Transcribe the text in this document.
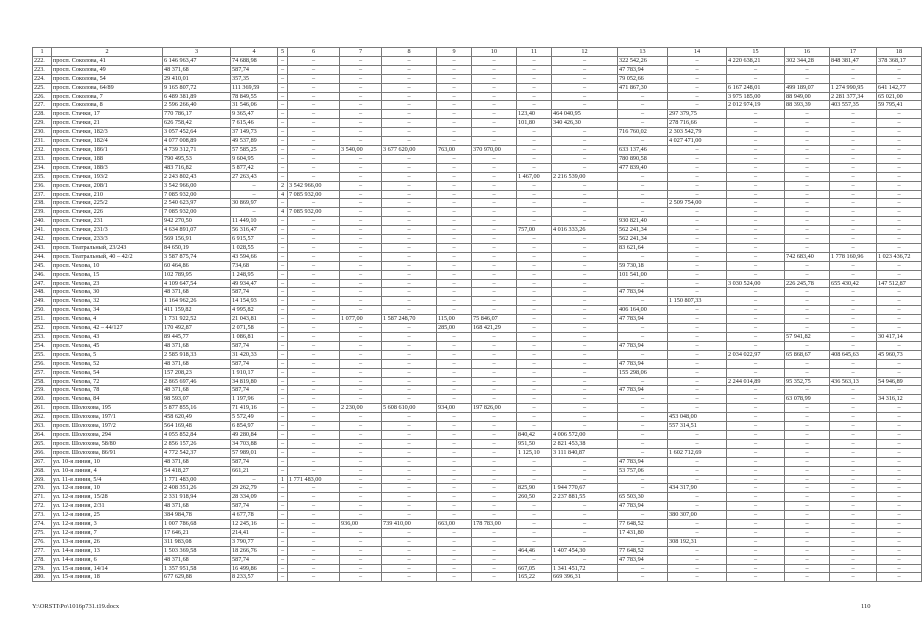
1	2	3	4	5	6	7	8	9	10	11	12	13	14	15	16	17	18
222.	просп. Соколова, 41	6 146 963,47	74 688,98	–	–	–	–	–	–	–	–	322 542,26	–	4 220 638,21	302 344,28	848 381,47	378 368,17
223.	просп. Соколова, 49	48 371,68	587,74	–	–	–	–	–	–	–	–	47 783,94	–	–	–	–	–
224.	просп. Соколова, 54	29 410,01	357,35	–	–	–	–	–	–	–	–	79 052,66	–	–	–	–	–
225.	просп. Соколова, 64/89	9 165 807,72	111 369,59	–	–	–	–	–	–	–	–	471 867,30	–	6 167 248,01	499 189,07	1 274 990,95	641 142,77
226.	просп. Соколова, 7	6 489 381,89	78 849,55	–	–	–	–	–	–	–	–	–	–	3 975 185,00	88 949,00	2 281 377,34	65 021,00
227.	просп. Соколова, 8	2 596 266,40	31 546,06	–	–	–	–	–	–	–	–	–	–	2 012 974,19	88 393,39	403 557,35	59 795,41
228.	просп. Стачки, 17	770 786,17	9 365,47	–	–	–	–	–	–	123,40	464 040,95	–	297 379,75	–	–	–	–
229.	просп. Стачки, 21	626 758,42	7 615,46	–	–	–	–	–	–	101,80	340 426,30	–	278 716,66	–	–	–	–
230.	просп. Стачки, 182/3	3 057 452,64	37 149,73	–	–	–	–	–	–	–	–	716 760,02	2 303 542,79	–	–	–	–
231.	просп. Стачки, 182/4	4 077 008,89	49 537,89	–	–	–	–	–	–	–	–	–	4 027 471,00	–	–	–	–
232.	просп. Стачки, 186/1	4 739 312,71	57 585,25	–	–	3 540,00	3 677 620,00	763,00	370 970,00	–	–	633 137,46	–	–	–	–	–
233.	просп. Стачки, 188	790 495,53	9 604,95	–	–	–	–	–	–	–	–	780 890,58	–	–	–	–	–
234.	просп. Стачки, 188/3	483 716,82	5 877,42	–	–	–	–	–	–	–	–	477 839,40	–	–	–	–	–
235.	просп. Стачки, 193/2	2 243 802,43	27 263,43	–	–	–	–	–	–	1 467,00	2 216 539,00	–	–	–	–	–	–
236.	просп. Стачки, 208/1	3 542 966,00	–	2	3 542 966,00	–	–	–	–	–	–	–	–	–	–	–	–
237.	просп. Стачки, 210	7 085 932,00	–	4	7 085 932,00	–	–	–	–	–	–	–	–	–	–	–	–
238.	просп. Стачки, 225/2	2 540 623,97	30 869,97	–	–	–	–	–	–	–	–	–	2 509 754,00	–	–	–	–
239.	просп. Стачки, 226	7 085 932,00	–	4	7 085 932,00	–	–	–	–	–	–	–	–	–	–	–	–
240.	просп. Стачки, 231	942 270,50	11 449,10	–	–	–	–	–	–	–	–	930 821,40	–	–	–	–	–
241.	просп. Стачки, 231/3	4 634 891,07	56 316,47	–	–	–	–	–	–	757,00	4 016 333,26	562 241,34	–	–	–	–	–
242.	просп. Стачки, 233/3	569 156,91	6 915,57	–	–	–	–	–	–	–	–	562 241,34	–	–	–	–	–
243.	просп. Театральный, 23/243	84 650,19	1 028,55	–	–	–	–	–	–	–	–	83 621,64	–	–	–	–	–
244.	просп. Театральный, 40 – 42/2	3 587 875,74	43 594,66	–	–	–	–	–	–	–	–	–	–	–	742 683,40	1 778 160,96	1 023 436,72
245.	просп. Чехова, 10	60 464,86	734,68	–	–	–	–	–	–	–	–	59 730,18	–	–	–	–	–
246.	просп. Чехова, 15	102 789,95	1 248,95	–	–	–	–	–	–	–	–	101 541,00	–	–	–	–	–
247.	просп. Чехова, 23	4 109 647,54	49 934,47	–	–	–	–	–	–	–	–	–	–	3 030 524,00	226 245,78	655 430,42	147 512,87
248.	просп. Чехова, 30	48 371,68	587,74	–	–	–	–	–	–	–	–	47 783,94	–	–	–	–	–
249.	просп. Чехова, 32	1 164 962,26	14 154,93	–	–	–	–	–	–	–	–	–	1 150 807,33	–	–	–	–
250.	просп. Чехова, 34	411 159,82	4 995,82	–	–	–	–	–	–	–	–	406 164,00	–	–	–	–	–
251.	просп. Чехова, 4	1 731 922,52	21 043,81	–	–	1 077,00	1 587 248,70	115,00	75 846,07	–	–	47 783,94	–	–	–	–	–
252.	просп. Чехова, 42 – 44/127	170 492,87	2 071,58	–	–	–	–	285,00	168 421,29	–	–	–	–	–	–	–	–
253.	просп. Чехова, 43	89 445,77	1 086,81	–	–	–	–	–	–	–	–	–	–	–	57 941,82	–	30 417,14
254.	просп. Чехова, 45	48 371,68	587,74	–	–	–	–	–	–	–	–	47 783,94	–	–	–	–	–
255.	просп. Чехова, 5	2 585 918,33	31 420,33	–	–	–	–	–	–	–	–	–	–	2 034 022,97	65 868,67	408 645,63	45 960,73
256.	просп. Чехова, 52	48 371,68	587,74	–	–	–	–	–	–	–	–	47 783,94	–	–	–	–	–
257.	просп. Чехова, 54	157 208,23	1 910,17	–	–	–	–	–	–	–	–	155 298,06	–	–	–	–	–
258.	просп. Чехова, 72	2 865 697,46	34 819,80	–	–	–	–	–	–	–	–	–	–	2 244 014,89	95 352,75	436 563,13	54 946,89
259.	просп. Чехова, 78	48 371,68	587,74	–	–	–	–	–	–	–	–	47 783,94	–	–	–	–	–
260.	просп. Чехова, 84	98 593,07	1 197,96	–	–	–	–	–	–	–	–	–	–	–	63 078,99	–	34 316,12
261.	просп. Шолохова, 195	5 877 855,16	71 419,16	–	–	2 230,00	5 608 610,00	934,00	197 826,00	–	–	–	–	–	–	–	–
262.	просп. Шолохова, 197/1	458 620,49	5 572,49	–	–	–	–	–	–	–	–	–	453 048,00	–	–	–	–
263.	просп. Шолохова, 197/2	564 169,48	6 854,97	–	–	–	–	–	–	–	–	–	557 314,51	–	–	–	–
264.	просп. Шолохова, 294	4 055 852,84	49 280,84	–	–	–	–	–	–	840,42	4 006 572,00	–	–	–	–	–	–
265.	просп. Шолохова, 58/80	2 856 157,26	34 703,88	–	–	–	–	–	–	951,50	2 821 453,38	–	–	–	–	–	–
266.	просп. Шолохова, 86/91	4 772 542,37	57 989,01	–	–	–	–	–	–	1 125,10	3 111 840,87	–	1 602 712,69	–	–	–	–
267.	ул. 10-я линия, 10	48 371,68	587,74	–	–	–	–	–	–	–	–	47 783,94	–	–	–	–	–
268.	ул. 10-я линия, 4	54 418,27	661,21	–	–	–	–	–	–	–	–	53 757,06	–	–	–	–	–
269.	ул. 11-я линия, 5/4	1 771 483,00	–	1	1 771 483,00	–	–	–	–	–	–	–	–	–	–	–	–
270.	ул. 12-я линия, 10	2 408 351,26	29 262,79	–	–	–	–	–	–	825,90	1 944 770,67	–	434 317,90	–	–	–	–
271.	ул. 12-я линия, 15/28	2 331 918,94	28 334,09	–	–	–	–	–	–	260,50	2 237 881,55	65 503,30	–	–	–	–	–
272.	ул. 12-я линия, 2/31	48 371,68	587,74	–	–	–	–	–	–	–	–	47 783,94	–	–	–	–	–
273.	ул. 12-я линия, 25	384 984,78	4 677,78	–	–	–	–	–	–	–	–	–	380 307,00	–	–	–	–
274.	ул. 12-я линия, 3	1 007 786,68	12 245,16	–	–	936,00	739 410,00	663,00	178 783,00	–	–	77 648,52	–	–	–	–	–
275.	ул. 12-я линия, 7	17 646,21	214,41	–	–	–	–	–	–	–	–	17 431,80	–	–	–	–	–
276.	ул. 13-я линия, 26	311 983,08	3 790,77	–	–	–	–	–	–	–	–	–	308 192,31	–	–	–	–
277.	ул. 14-я линия, 13	1 503 369,58	18 266,76	–	–	–	–	–	–	464,46	1 407 454,30	77 648,52	–	–	–	–	–
278.	ул. 14-я линия, 6	48 371,68	587,74	–	–	–	–	–	–	–	–	47 783,94	–	–	–	–	–
279.	ул. 15-я линия, 14/14	1 357 951,58	16 499,86	–	–	–	–	–	–	667,05	1 341 451,72	–	–	–	–	–	–
280.	ул. 15-я линия, 18	677 629,88	8 233,57	–	–	–	–	–	–	165,22	669 396,31	–	–	–	–	–	–
Y:\ORSTI\Po\1016p731.t19.docx	110
